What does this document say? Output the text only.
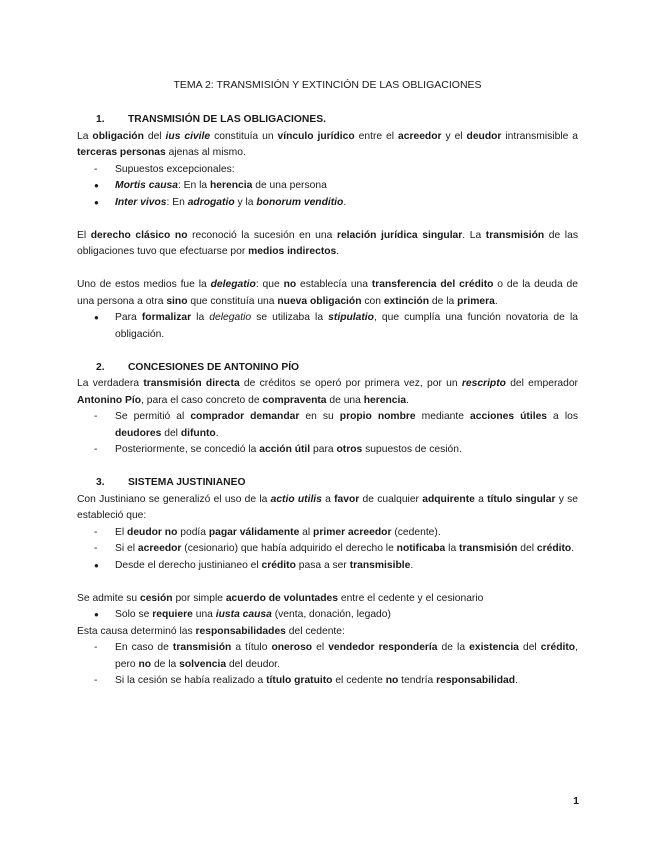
TEMA 2: TRANSMISIÓN Y EXTINCIÓN DE LAS OBLIGACIONES
1.	TRANSMISIÓN DE LAS OBLIGACIONES.

La obligación del ius civile constituía un vínculo jurídico entre el acreedor y el deudor intransmisible a terceras personas ajenas al mismo.

-	Supuestos excepcionales:
●	Mortis causa: En la herencia de una persona
●	Inter vivos: En adrogatio y la bonorum venditio.

El derecho clásico no reconoció la sucesión en una relación jurídica singular. La transmisión de las obligaciones tuvo que efectuarse por medios indirectos.

Uno de estos medios fue la delegatio: que no establecía una transferencia del crédito o de la deuda de una persona a otra sino que constituía una nueva obligación con extinción de la primera.

●	Para formalizar la delegatio se utilizaba la stipulatio, que cumplía una función novatoria de la obligación.
2.	CONCESIONES DE ANTONINO PÍO

La verdadera transmisión directa de créditos se operó por primera vez, por un rescripto del emperador Antonino Pío, para el caso concreto de compraventa de una herencia.

-	Se permitió al comprador demandar en su propio nombre mediante acciones útiles a los deudores del difunto.
-	Posteriormente, se concedió la acción útil para otros supuestos de cesión.
3.	SISTEMA JUSTINIANEO

Con Justiniano se generalizó el uso de la actio utilis a favor de cualquier adquirente a título singular y se estableció que:

-	El deudor no podía pagar válidamente al primer acreedor (cedente).
-	Si el acreedor (cesionario) que había adquirido el derecho le notificaba la transmisión del crédito.
●	Desde el derecho justinianeo el crédito pasa a ser transmisible.

Se admite su cesión por simple acuerdo de voluntades entre el cedente y el cesionario

●	Solo se requiere una iusta causa (venta, donación, legado)

Esta causa determinó las responsabilidades del cedente:

-	En caso de transmisión a título oneroso el vendedor respondería de la existencia del crédito, pero no de la solvencia del deudor.
-	Si la cesión se había realizado a título gratuito el cedente no tendría responsabilidad.
1
